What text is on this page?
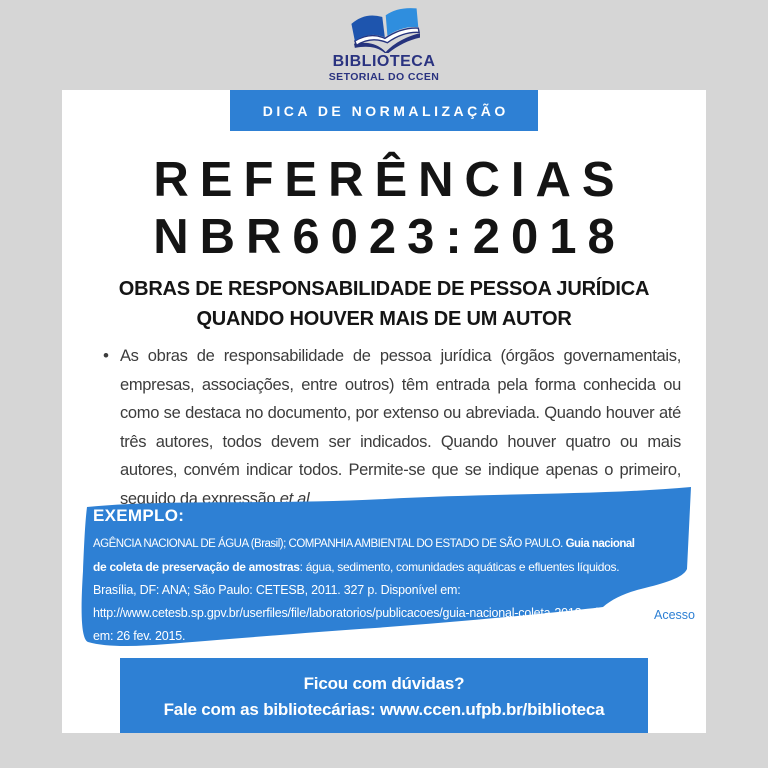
BIBLIOTECA
SETORIAL DO CCEN
DICA DE NORMALIZAÇÃO
REFERÊNCIAS
NBR6023:2018
OBRAS DE RESPONSABILIDADE DE PESSOA JURÍDICA
QUANDO HOUVER MAIS DE UM AUTOR
• As obras de responsabilidade de pessoa jurídica (órgãos governamentais, empresas, associações, entre outros) têm entrada pela forma conhecida ou como se destaca no documento, por extenso ou abreviada. Quando houver até três autores, todos devem ser indicados. Quando houver quatro ou mais autores, convém indicar todos. Permite-se que se indique apenas o primeiro, seguido da expressão et al.

EXEMPLO:
AGÊNCIA NACIONAL DE ÁGUA (Brasil); COMPANHIA AMBIENTAL DO ESTADO DE SÃO PAULO. Guia nacional
de coleta de preservação de amostras: água, sedimento, comunidades aquáticas e efluentes líquidos.
Brasília, DF: ANA; São Paulo: CETESB, 2011. 327 p. Disponível em:
http://www.cetesb.sp.gpv.br/userfiles/file/laboratorios/publicacoes/guia-nacional-coleta-2012.pdf.
em: 26 fev. 2015.
Acesso
Ficou com dúvidas?
Fale com as bibliotecárias: www.ccen.ufpb.br/biblioteca
